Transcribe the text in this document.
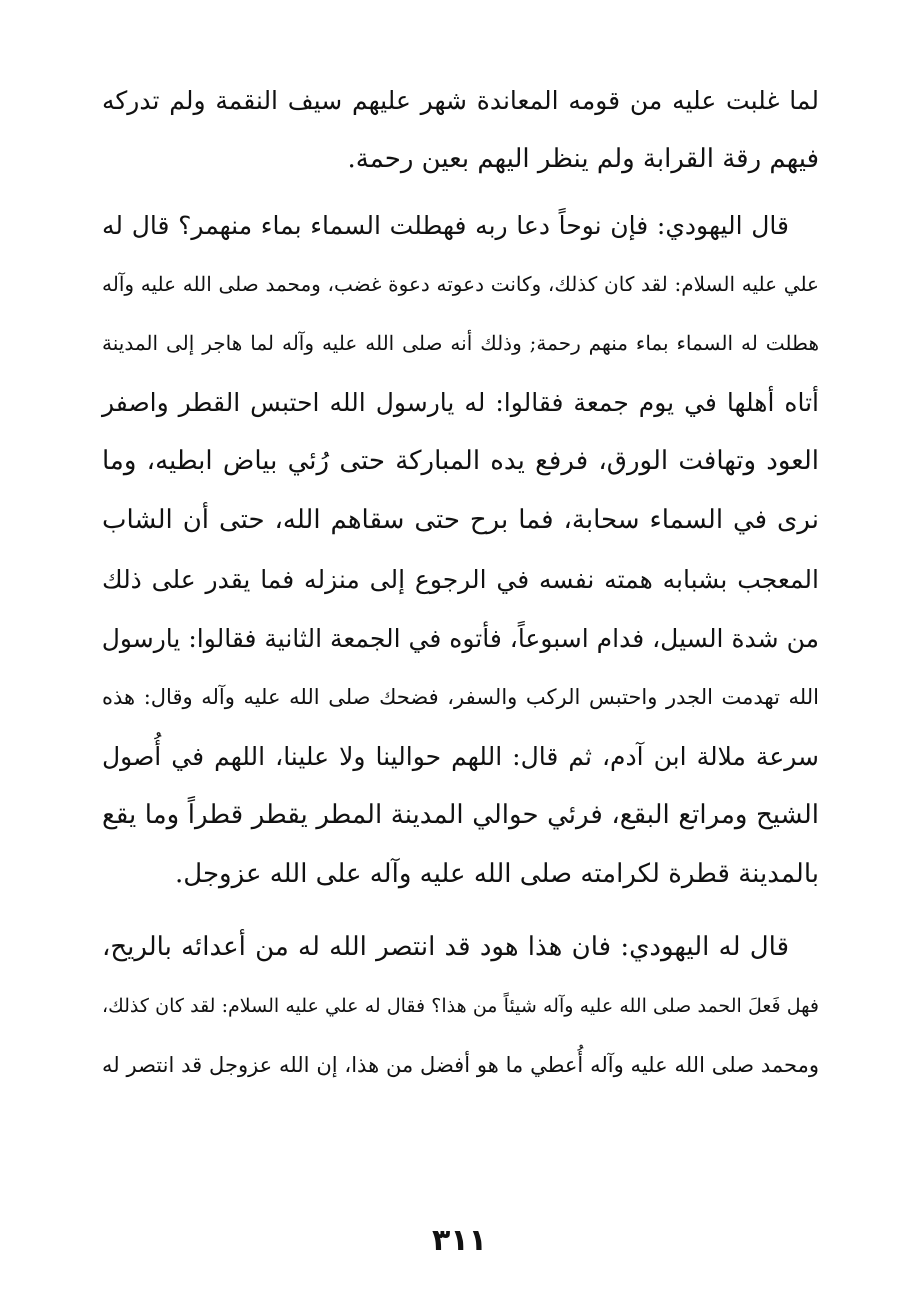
لما غلبت عليه من قومه المعاندة شهر عليهم سيف النقمة ولم تدركه
فيهم رقة القرابة ولم ينظر اليهم بعين رحمة.
قال اليهودي: فإن نوحاً دعا ربه فهطلت السماء بماء منهمر؟ قال له
علي عليه السلام: لقد كان كذلك، وكانت دعوته دعوة غضب، ومحمد صلى الله عليه وآله
هطلت له السماء بماء منهم رحمة; وذلك أنه صلى الله عليه وآله لما هاجر إلى المدينة
أتاه أهلها في يوم جمعة فقالوا: له يارسول الله احتبس القطر واصفر
العود وتهافت الورق، فرفع يده المباركة حتى رُئي بياض ابطيه، وما
نرى في السماء سحابة، فما برح حتى سقاهم الله، حتى أن الشاب
المعجب بشبابه همته نفسه في الرجوع إلى منزله فما يقدر على ذلك
من شدة السيل، فدام اسبوعاً، فأتوه في الجمعة الثانية فقالوا: يارسول
الله تهدمت الجدر واحتبس الركب والسفر، فضحك صلى الله عليه وآله وقال: هذه
سرعة ملالة ابن آدم، ثم قال: اللهم حوالينا ولا علينا، اللهم في أُصول
الشيح ومراتع البقع، فرئي حوالي المدينة المطر يقطر قطراً وما يقع
بالمدينة قطرة لكرامته صلى الله عليه وآله على الله عزوجل.
قال له اليهودي: فان هذا هود قد انتصر الله له من أعدائه بالريح،
فهل فَعلَ الحمد صلى الله عليه وآله شيئاً من هذا؟ فقال له علي عليه السلام: لقد كان كذلك،
ومحمد صلى الله عليه وآله أُعطي ما هو أفضل من هذا، إن الله عزوجل قد انتصر له
٣١١
